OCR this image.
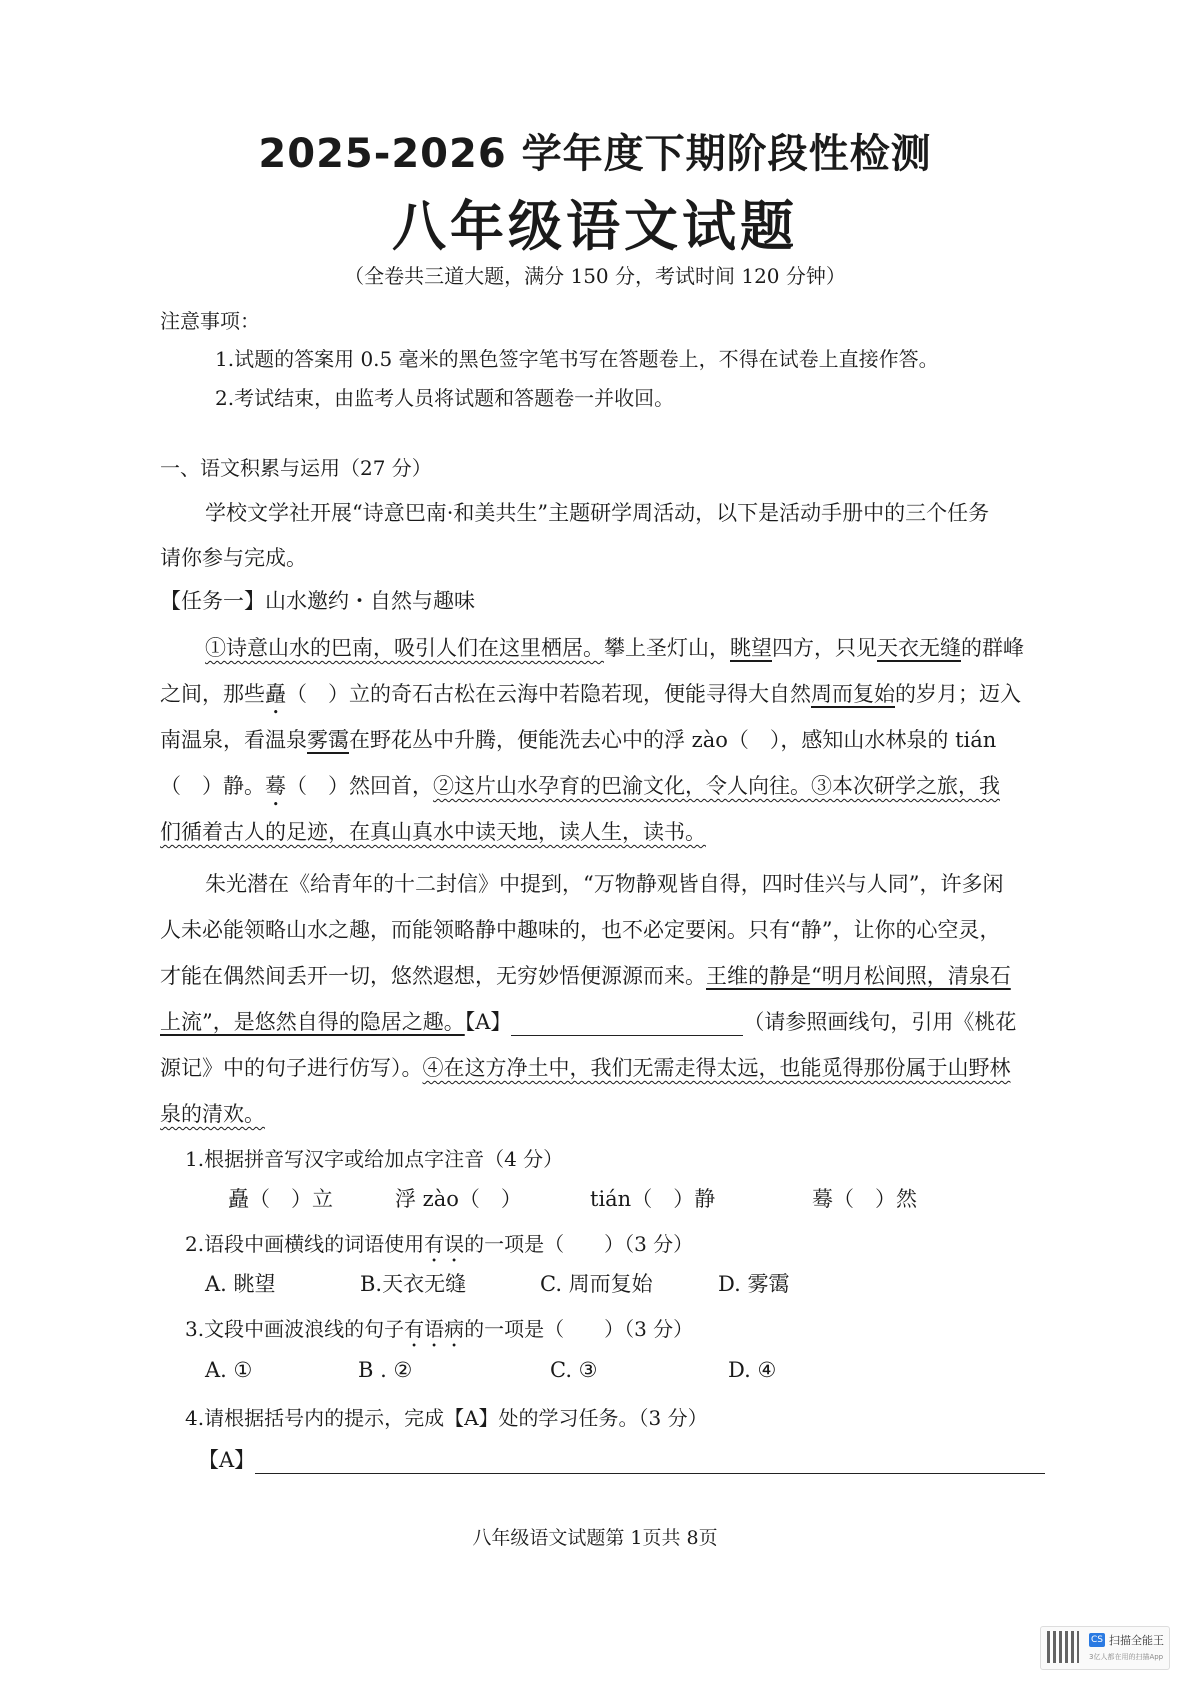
2025-2026 学年度下期阶段性检测
八年级语文试题
（全卷共三道大题，满分 150 分，考试时间 120 分钟）
注意事项：
1.试题的答案用 0.5 毫米的黑色签字笔书写在答题卷上，不得在试卷上直接作答。
2.考试结束，由监考人员将试题和答题卷一并收回。
一、语文积累与运用（27 分）
学校文学社开展“诗意巴南·和美共生”主题研学周活动，以下是活动手册中的三个任务
请你参与完成。
【任务一】山水邀约・自然与趣味
①诗意山水的巴南，吸引人们在这里栖居。攀上圣灯山，眺望四方，只见天衣无缝的群峰
之间，那些矗（　）立的奇石古松在云海中若隐若现，便能寻得大自然周而复始的岁月；迈入
南温泉，看温泉雾霭在野花丛中升腾，便能洗去心中的浮 zào（　），感知山水林泉的 tián
（　）静。蓦（　）然回首，②这片山水孕育的巴渝文化，令人向往。③本次研学之旅，我
们循着古人的足迹，在真山真水中读天地，读人生，读书。
朱光潜在《给青年的十二封信》中提到，“万物静观皆自得，四时佳兴与人同”，许多闲
人未必能领略山水之趣，而能领略静中趣味的，也不必定要闲。只有“静”，让你的心空灵，
才能在偶然间丢开一切，悠然遐想，无穷妙悟便源源而来。王维的静是“明月松间照，清泉石
上流”，是悠然自得的隐居之趣。【A】	（请参照画线句，引用《桃花
源记》中的句子进行仿写）。④在这方净土中，我们无需走得太远，也能觅得那份属于山野林
泉的清欢。
1.根据拼音写汉字或给加点字注音（4 分）
矗（　）立	浮 zào（　）	tián（　）静	蓦（　）然
2.语段中画横线的词语使用有误的一项是（　　）（3 分）
A. 眺望	B.天衣无缝	C. 周而复始	D. 雾霭
3.文段中画波浪线的句子有语病的一项是（　　）（3 分）
A. ①	B . ②	C. ③	D. ④
4.请根据括号内的提示，完成【A】处的学习任务。（3 分）
【A】
八年级语文试题第 1页共 8页
CS 扫描全能王
3亿人都在用的扫描App
